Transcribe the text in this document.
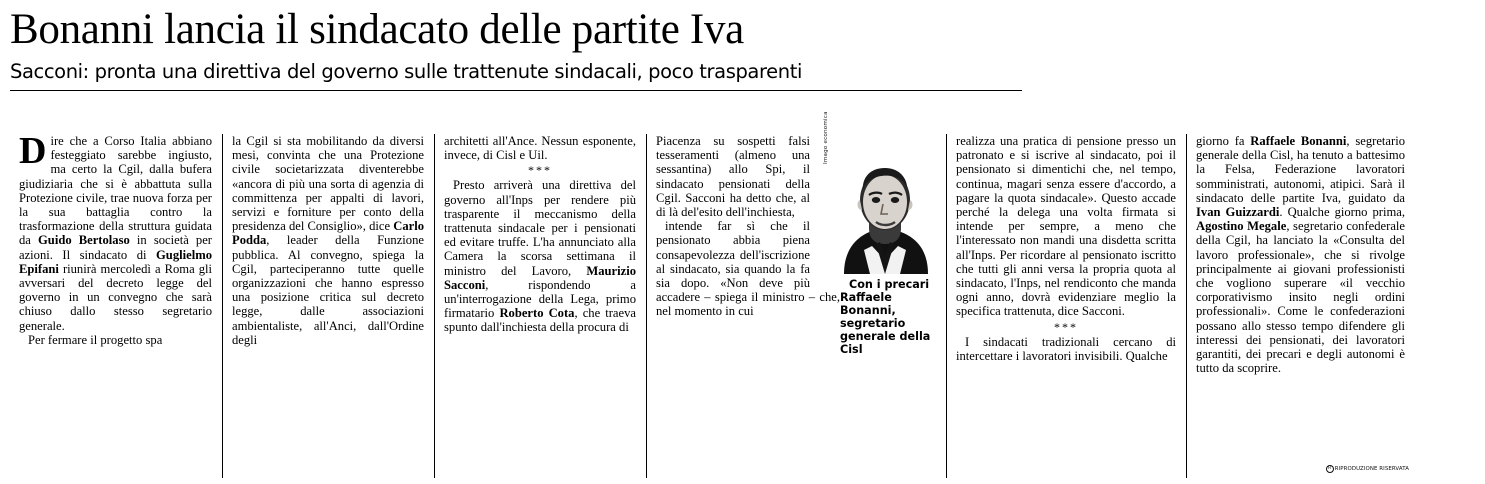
Bonanni lancia il sindacato delle partite Iva
Sacconi: pronta una direttiva del governo sulle trattenute sindacali, poco trasparenti

Dire che a Corso Italia abbiano festeggiato sarebbe ingiusto, ma certo la Cgil, dalla bufera giudiziaria che si è abbattuta sulla Protezione civile, trae nuova forza per la sua battaglia contro la trasformazione della struttura guidata da Guido Bertolaso in società per azioni. Il sindacato di Guglielmo Epifani riunirà mercoledì a Roma gli avversari del decreto legge del governo in un convegno che sarà chiuso dallo stesso segretario generale.

Per fermare il progetto spa

la Cgil si sta mobilitando da diversi mesi, convinta che una Protezione civile societarizzata diventerebbe «ancora di più una sorta di agenzia di committenza per appalti di lavori, servizi e forniture per conto della presidenza del Consiglio», dice Carlo Podda, leader della Funzione pubblica. Al convegno, spiega la Cgil, parteciperanno tutte quelle organizzazioni che hanno espresso una posizione critica sul decreto legge, dalle associazioni ambientaliste, all'Anci, dall'Ordine degli

architetti all'Ance. Nessun esponente, invece, di Cisl e Uil.

***

Presto arriverà una direttiva del governo all'Inps per rendere più trasparente il meccanismo della trattenuta sindacale per i pensionati ed evitare truffe. L'ha annunciato alla Camera la scorsa settimana il ministro del Lavoro, Maurizio Sacconi, rispondendo a un'interrogazione della Lega, primo firmatario Roberto Cota, che traeva spunto dall'inchiesta della procura di

Imago economica

Piacenza su sospetti falsi tesseramenti (almeno una sessantina) allo Spi, il sindacato pensionati della Cgil. Sacconi ha detto che, al di là del'esito dell'inchiesta,

Con i precari Raffaele Bonanni, segretario generale della Cisl

intende far sì che il pensionato abbia piena consapevolezza dell'iscrizione al sindacato, sia quando la fa sia dopo. «Non deve più accadere – spiega il ministro – che, nel momento in cui

realizza una pratica di pensione presso un patronato e si iscrive al sindacato, poi il pensionato si dimentichi che, nel tempo, continua, magari senza essere d'accordo, a pagare la quota sindacale». Questo accade perché la delega una volta firmata si intende per sempre, a meno che l'interessato non mandi una disdetta scritta all'Inps. Per ricordare al pensionato iscritto che tutti gli anni versa la propria quota al sindacato, l'Inps, nel rendiconto che manda ogni anno, dovrà evidenziare meglio la specifica trattenuta, dice Sacconi.

***

I sindacati tradizionali cercano di intercettare i lavoratori invisibili. Qualche

giorno fa Raffaele Bonanni, segretario generale della Cisl, ha tenuto a battesimo la Felsa, Federazione lavoratori somministrati, autonomi, atipici. Sarà il sindacato delle partite Iva, guidato da Ivan Guizzardi. Qualche giorno prima, Agostino Megale, segretario confederale della Cgil, ha lanciato la «Consulta del lavoro professionale», che si rivolge principalmente ai giovani professionisti che vogliono superare «il vecchio corporativismo insito negli ordini professionali». Come le confederazioni possano allo stesso tempo difendere gli interessi dei pensionati, dei lavoratori garantiti, dei precari e degli autonomi è tutto da scoprire.

R RIPRODUZIONE RISERVATA
